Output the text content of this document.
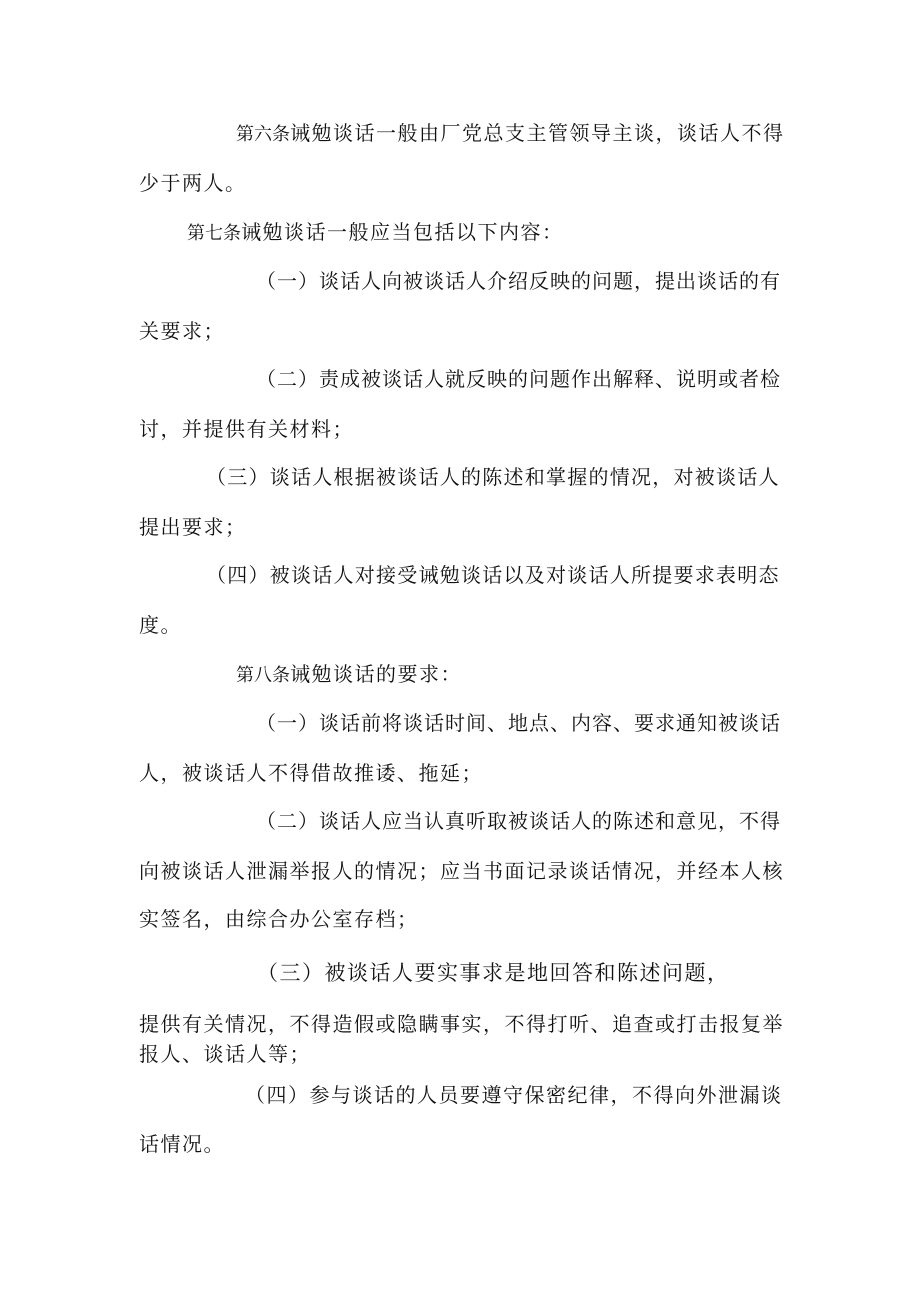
第六条诫勉谈话一般由厂党总支主管领导主谈，谈话人不得
少于两人。
第七条诫勉谈话一般应当包括以下内容：
（一）谈话人向被谈话人介绍反映的问题，提出谈话的有
关要求；
（二）责成被谈话人就反映的问题作出解释、说明或者检
讨，并提供有关材料；
（三）谈话人根据被谈话人的陈述和掌握的情况，对被谈话人
提出要求；
（四）被谈话人对接受诫勉谈话以及对谈话人所提要求表明态
度。
第八条诫勉谈话的要求：
（一）谈话前将谈话时间、地点、内容、要求通知被谈话
人，被谈话人不得借故推诿、拖延；
（二）谈话人应当认真听取被谈话人的陈述和意见，不得
向被谈话人泄漏举报人的情况；应当书面记录谈话情况，并经本人核
实签名，由综合办公室存档；
（三）被谈话人要实事求是地回答和陈述问题，
提供有关情况，不得造假或隐瞒事实，不得打听、追查或打击报复举
报人、谈话人等；
（四）参与谈话的人员要遵守保密纪律，不得向外泄漏谈
话情况。
